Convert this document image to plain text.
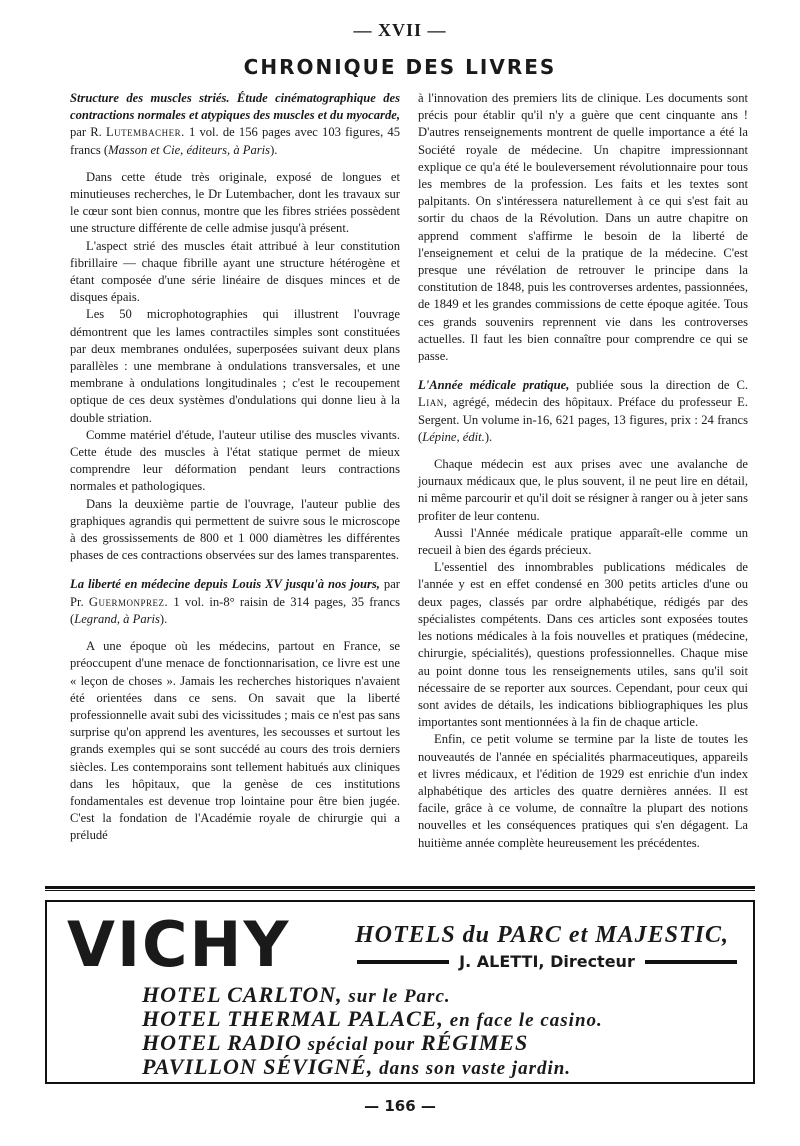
— XVII —
CHRONIQUE DES LIVRES

Structure des muscles striés. Étude cinématographique des contractions normales et atypiques des muscles et du myocarde, par R. Lutembacher. 1 vol. de 156 pages avec 103 figures, 45 francs (Masson et Cie, éditeurs, à Paris).

Dans cette étude très originale, exposé de longues et minutieuses recherches, le Dr Lutembacher, dont les travaux sur le cœur sont bien connus, montre que les fibres striées possèdent une structure différente de celle admise jusqu'à présent.

L'aspect strié des muscles était attribué à leur constitution fibrillaire — chaque fibrille ayant une structure hétérogène et étant composée d'une série linéaire de disques minces et de disques épais.

Les 50 microphotographies qui illustrent l'ouvrage démontrent que les lames contractiles simples sont constituées par deux membranes ondulées, superposées suivant deux plans parallèles : une membrane à ondulations transversales, et une membrane à ondulations longitudinales ; c'est le recoupement optique de ces deux systèmes d'ondulations qui donne lieu à la double striation.

Comme matériel d'étude, l'auteur utilise des muscles vivants. Cette étude des muscles à l'état statique permet de mieux comprendre leur déformation pendant leurs contractions normales et pathologiques.

Dans la deuxième partie de l'ouvrage, l'auteur publie des graphiques agrandis qui permettent de suivre sous le microscope à des grossissements de 800 et 1 000 diamètres les différentes phases de ces contractions observées sur des lames transparentes.

La liberté en médecine depuis Louis XV jusqu'à nos jours, par Pr. Guermonprez. 1 vol. in-8° raisin de 314 pages, 35 francs (Legrand, à Paris).

A une époque où les médecins, partout en France, se préoccupent d'une menace de fonctionnarisation, ce livre est une « leçon de choses ». Jamais les recherches historiques n'avaient été orientées dans ce sens. On savait que la liberté professionnelle avait subi des vicissitudes ; mais ce n'est pas sans surprise qu'on apprend les aventures, les secousses et surtout les grands exemples qui se sont succédé au cours des trois derniers siècles. Les contemporains sont tellement habitués aux cliniques dans les hôpitaux, que la genèse de ces institutions fondamentales est devenue trop lointaine pour être bien jugée. C'est la fondation de l'Académie royale de chirurgie qui a préludé

à l'innovation des premiers lits de clinique. Les documents sont précis pour établir qu'il n'y a guère que cent cinquante ans ! D'autres renseignements montrent de quelle importance a été la Société royale de médecine. Un chapitre impressionnant explique ce qu'a été le bouleversement révolutionnaire pour tous les membres de la profession. Les faits et les textes sont palpitants. On s'intéressera naturellement à ce qui s'est fait au sortir du chaos de la Révolution. Dans un autre chapitre on apprend comment s'affirme le besoin de la liberté de l'enseignement et celui de la pratique de la médecine. C'est presque une révélation de retrouver le principe dans la constitution de 1848, puis les controverses ardentes, passionnées, de 1849 et les grandes commissions de cette époque agitée. Tous ces grands souvenirs reprennent vie dans les controverses actuelles. Il faut les bien connaître pour comprendre ce qui se passe.

L'Année médicale pratique, publiée sous la direction de C. Lian, agrégé, médecin des hôpitaux. Préface du professeur E. Sergent. Un volume in-16, 621 pages, 13 figures, prix : 24 francs (Lépine, édit.).

Chaque médecin est aux prises avec une avalanche de journaux médicaux que, le plus souvent, il ne peut lire en détail, ni même parcourir et qu'il doit se résigner à ranger ou à jeter sans profiter de leur contenu.

Aussi l'Année médicale pratique apparaît-elle comme un recueil à bien des égards précieux.

L'essentiel des innombrables publications médicales de l'année y est en effet condensé en 300 petits articles d'une ou deux pages, classés par ordre alphabétique, rédigés par des spécialistes compétents. Dans ces articles sont exposées toutes les notions médicales à la fois nouvelles et pratiques (médecine, chirurgie, spécialités), questions professionnelles. Chaque mise au point donne tous les renseignements utiles, sans qu'il soit nécessaire de se reporter aux sources. Cependant, pour ceux qui sont avides de détails, les indications bibliographiques les plus importantes sont mentionnées à la fin de chaque article.

Enfin, ce petit volume se termine par la liste de toutes les nouveautés de l'année en spécialités pharmaceutiques, appareils et livres médicaux, et l'édition de 1929 est enrichie d'un index alphabétique des articles des quatre dernières années. Il est facile, grâce à ce volume, de connaître la plupart des notions nouvelles et les conséquences pratiques qui s'en dégagent. La huitième année complète heureusement les précédentes.

VICHY	HOTELS du PARC et MAJESTIC,
J. ALETTI, Directeur
HOTEL CARLTON, sur le Parc.
HOTEL THERMAL PALACE, en face le casino.
HOTEL RADIO spécial pour RÉGIMES
PAVILLON SÉVIGNÉ, dans son vaste jardin.
— 166 —
